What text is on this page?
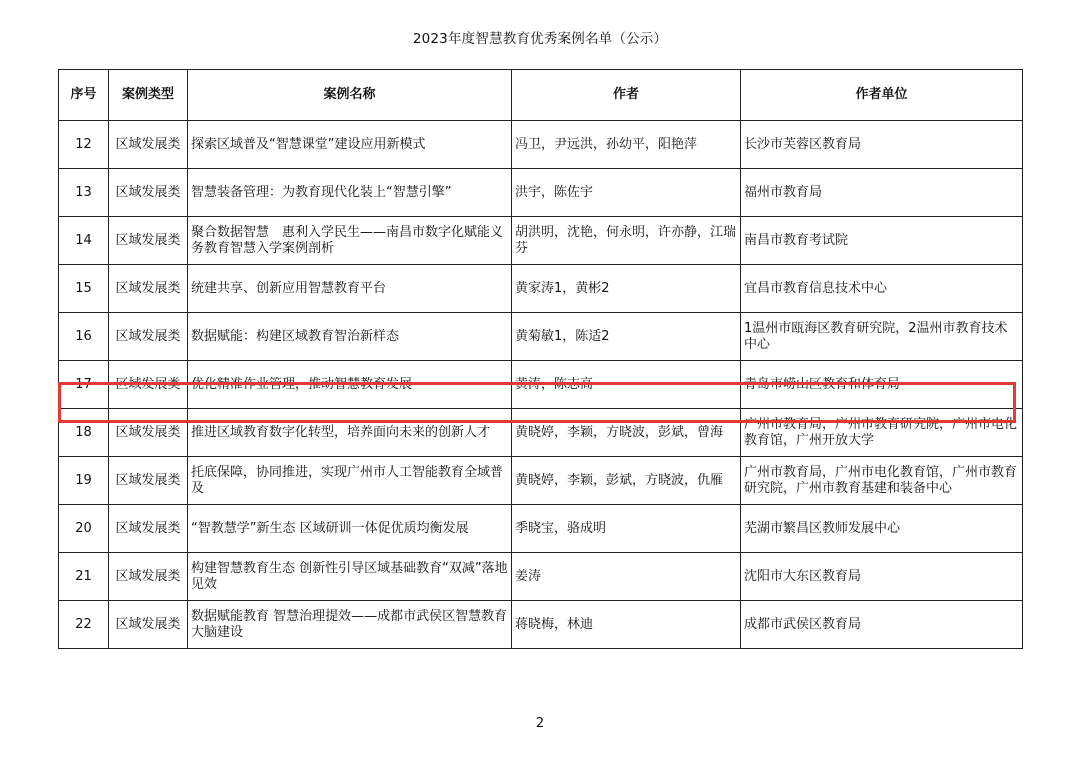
2023年度智慧教育优秀案例名单（公示）
序号	案例类型	案例名称	作者	作者单位
12	区域发展类	探索区域普及“智慧课堂”建设应用新模式	冯卫，尹远洪，孙幼平，阳艳萍	长沙市芙蓉区教育局
13	区域发展类	智慧装备管理：为教育现代化装上“智慧引擎”	洪宇，陈佐宇	福州市教育局
14	区域发展类	聚合数据智慧　惠利入学民生——南昌市数字化赋能义务教育智慧入学案例剖析	胡洪明，沈艳，何永明，许亦静，江瑞芬	南昌市教育考试院
15	区域发展类	统建共享、创新应用智慧教育平台	黄家涛1，黄彬2	宜昌市教育信息技术中心
16	区域发展类	数据赋能：构建区域教育智治新样态	黄菊敏1，陈适2	1温州市瓯海区教育研究院，2温州市教育技术中心
17	区域发展类	优化精准作业管理，推动智慧教育发展	黄涛，陈志高	青岛市崂山区教育和体育局
18	区域发展类	推进区域教育数字化转型，培养面向未来的创新人才	黄晓婷，李颖，方晓波，彭斌，曾海	广州市教育局，广州市教育研究院，广州市电化教育馆，广州开放大学
19	区域发展类	托底保障，协同推进，实现广州市人工智能教育全域普及	黄晓婷，李颖，彭斌，方晓波，仇雁	广州市教育局，广州市电化教育馆，广州市教育研究院，广州市教育基建和装备中心
20	区域发展类	“智教慧学”新生态 区域研训一体促优质均衡发展	季晓宝，骆成明	芜湖市繁昌区教师发展中心
21	区域发展类	构建智慧教育生态 创新性引导区域基础教育“双减”落地见效	姜涛	沈阳市大东区教育局
22	区域发展类	数据赋能教育 智慧治理提效——成都市武侯区智慧教育大脑建设	蒋晓梅，林迪	成都市武侯区教育局
2
